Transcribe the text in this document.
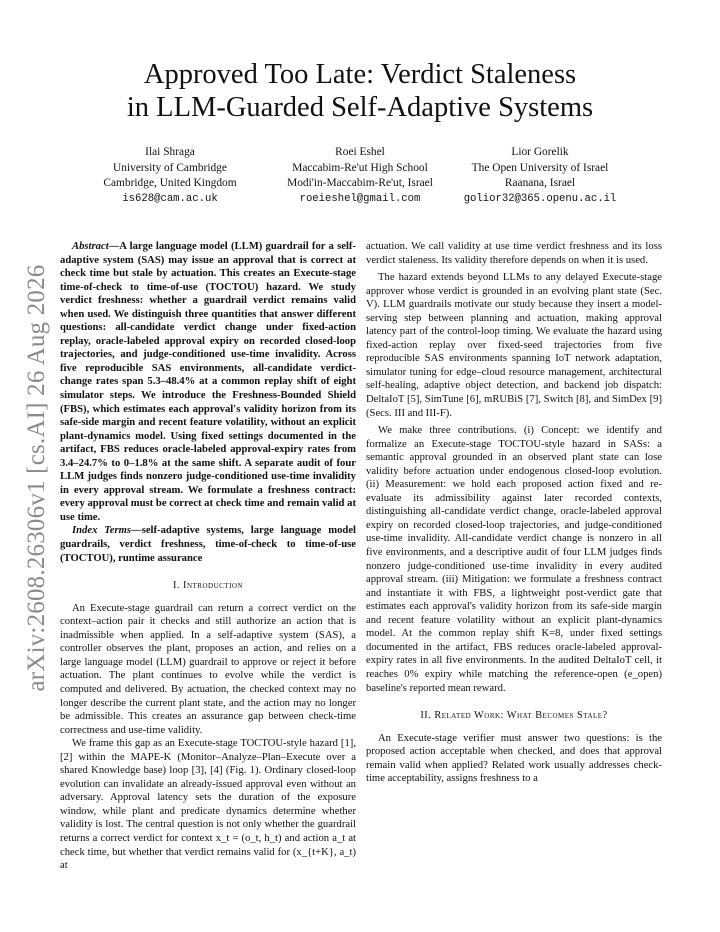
arXiv:2608.26306v1 [cs.AI] 26 Aug 2026
Approved Too Late: Verdict Staleness
in LLM-Guarded Self-Adaptive Systems
Ilai Shraga
University of Cambridge
Cambridge, United Kingdom
is628@cam.ac.uk
Roei Eshel
Maccabim-Re'ut High School
Modi'in-Maccabim-Re'ut, Israel
roeieshel@gmail.com
Lior Gorelik
The Open University of Israel
Raanana, Israel
golior32@365.openu.ac.il

Abstract—A large language model (LLM) guardrail for a self-adaptive system (SAS) may issue an approval that is correct at check time but stale by actuation. This creates an Execute-stage time-of-check to time-of-use (TOCTOU) hazard. We study verdict freshness: whether a guardrail verdict remains valid when used. We distinguish three quantities that answer different questions: all-candidate verdict change under fixed-action replay, oracle-labeled approval expiry on recorded closed-loop trajectories, and judge-conditioned use-time invalidity. Across five reproducible SAS environments, all-candidate verdict-change rates span 5.3–48.4% at a common replay shift of eight simulator steps. We introduce the Freshness-Bounded Shield (FBS), which estimates each approval's validity horizon from its safe-side margin and recent feature volatility, without an explicit plant-dynamics model. Using fixed settings documented in the artifact, FBS reduces oracle-labeled approval-expiry rates from 3.4–24.7% to 0–1.8% at the same shift. A separate audit of four LLM judges finds nonzero judge-conditioned use-time invalidity in every approval stream. We formulate a freshness contract: every approval must be correct at check time and remain valid at use time.

Index Terms—self-adaptive systems, large language model guardrails, verdict freshness, time-of-check to time-of-use (TOCTOU), runtime assurance

I. Introduction

An Execute-stage guardrail can return a correct verdict on the context–action pair it checks and still authorize an action that is inadmissible when applied. In a self-adaptive system (SAS), a controller observes the plant, proposes an action, and relies on a large language model (LLM) guardrail to approve or reject it before actuation. The plant continues to evolve while the verdict is computed and delivered. By actuation, the checked context may no longer describe the current plant state, and the action may no longer be admissible. This creates an assurance gap between check-time correctness and use-time validity.

We frame this gap as an Execute-stage TOCTOU-style hazard [1], [2] within the MAPE-K (Monitor–Analyze–Plan–Execute over a shared Knowledge base) loop [3], [4] (Fig. 1). Ordinary closed-loop evolution can invalidate an already-issued approval even without an adversary. Approval latency sets the duration of the exposure window, while plant and predicate dynamics determine whether validity is lost. The central question is not only whether the guardrail returns a correct verdict for context x_t = (o_t, h_t) and action a_t at check time, but whether that verdict remains valid for (x_{t+K}, a_t) at

actuation. We call validity at use time verdict freshness and its loss verdict staleness. Its validity therefore depends on when it is used.

The hazard extends beyond LLMs to any delayed Execute-stage approver whose verdict is grounded in an evolving plant state (Sec. V). LLM guardrails motivate our study because they insert a model-serving step between planning and actuation, making approval latency part of the control-loop timing. We evaluate the hazard using fixed-action replay over fixed-seed trajectories from five reproducible SAS environments spanning IoT network adaptation, simulator tuning for edge–cloud resource management, architectural self-healing, adaptive object detection, and backend job dispatch: DeltaIoT [5], SimTune [6], mRUBiS [7], Switch [8], and SimDex [9] (Secs. III and III-F).

We make three contributions. (i) Concept: we identify and formalize an Execute-stage TOCTOU-style hazard in SASs: a semantic approval grounded in an observed plant state can lose validity before actuation under endogenous closed-loop evolution. (ii) Measurement: we hold each proposed action fixed and re-evaluate its admissibility against later recorded contexts, distinguishing all-candidate verdict change, oracle-labeled approval expiry on recorded closed-loop trajectories, and judge-conditioned use-time invalidity. All-candidate verdict change is nonzero in all five environments, and a descriptive audit of four LLM judges finds nonzero judge-conditioned use-time invalidity in every audited approval stream. (iii) Mitigation: we formulate a freshness contract and instantiate it with FBS, a lightweight post-verdict gate that estimates each approval's validity horizon from its safe-side margin and recent feature volatility without an explicit plant-dynamics model. At the common replay shift K=8, under fixed settings documented in the artifact, FBS reduces oracle-labeled approval-expiry rates in all five environments. In the audited DeltaIoT cell, it reaches 0% expiry while matching the reference-open (e_open) baseline's reported mean reward.

II. Related Work: What Becomes Stale?

An Execute-stage verifier must answer two questions: is the proposed action acceptable when checked, and does that approval remain valid when applied? Related work usually addresses check-time acceptability, assigns freshness to a
